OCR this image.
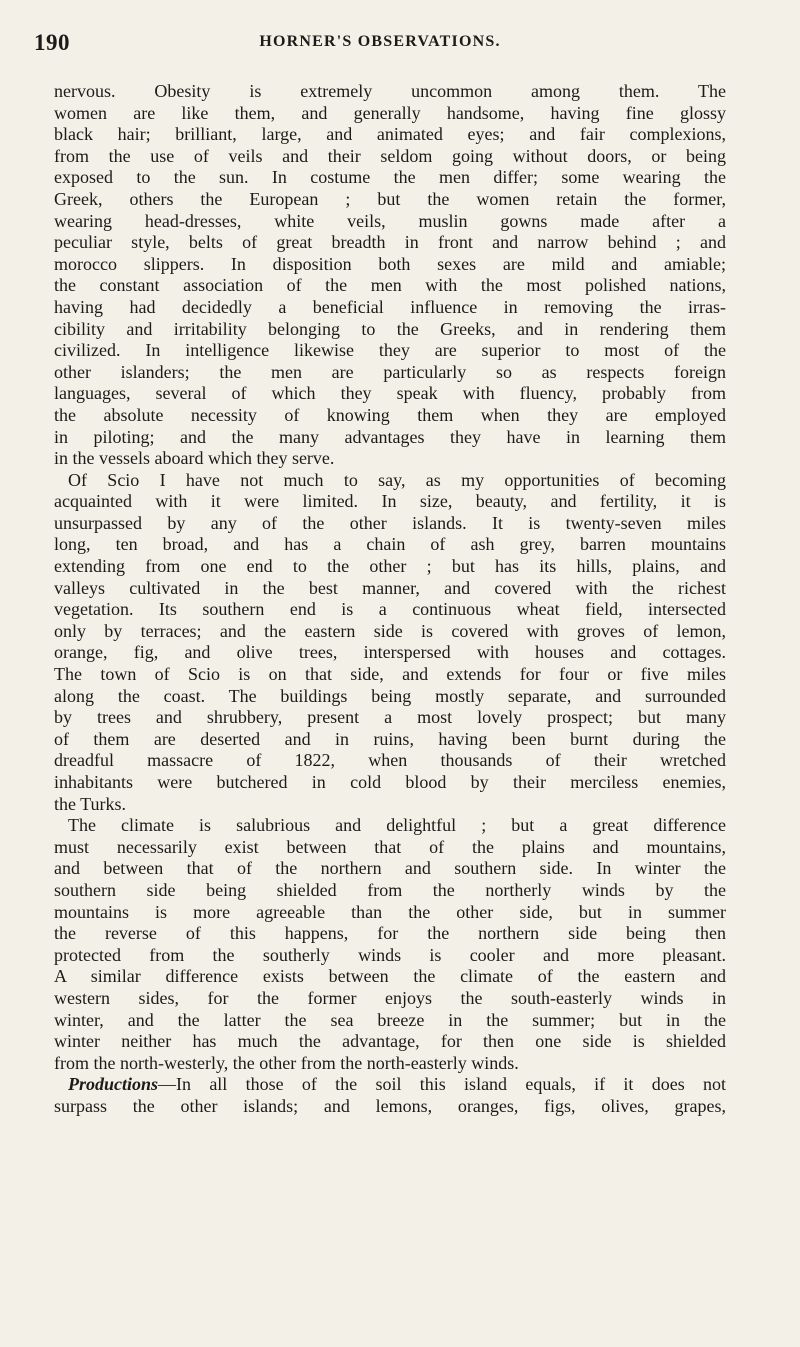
190	HORNER'S OBSERVATIONS.
nervous. Obesity is extremely uncommon among them. The
women are like them, and generally handsome, having fine glossy
black hair; brilliant, large, and animated eyes; and fair complexions,
from the use of veils and their seldom going without doors, or being
exposed to the sun. In costume the men differ; some wearing the
Greek, others the European ; but the women retain the former,
wearing head-dresses, white veils, muslin gowns made after a
peculiar style, belts of great breadth in front and narrow behind ; and
morocco slippers. In disposition both sexes are mild and amiable;
the constant association of the men with the most polished nations,
having had decidedly a beneficial influence in removing the irras-
cibility and irritability belonging to the Greeks, and in rendering them
civilized. In intelligence likewise they are superior to most of the
other islanders; the men are particularly so as respects foreign
languages, several of which they speak with fluency, probably from
the absolute necessity of knowing them when they are employed
in piloting; and the many advantages they have in learning them
in the vessels aboard which they serve.
Of Scio I have not much to say, as my opportunities of becoming
acquainted with it were limited. In size, beauty, and fertility, it is
unsurpassed by any of the other islands. It is twenty-seven miles
long, ten broad, and has a chain of ash grey, barren mountains
extending from one end to the other ; but has its hills, plains, and
valleys cultivated in the best manner, and covered with the richest
vegetation. Its southern end is a continuous wheat field, intersected
only by terraces; and the eastern side is covered with groves of lemon,
orange, fig, and olive trees, interspersed with houses and cottages.
The town of Scio is on that side, and extends for four or five miles
along the coast. The buildings being mostly separate, and surrounded
by trees and shrubbery, present a most lovely prospect; but many
of them are deserted and in ruins, having been burnt during the
dreadful massacre of 1822, when thousands of their wretched
inhabitants were butchered in cold blood by their merciless enemies,
the Turks.
The climate is salubrious and delightful ; but a great difference
must necessarily exist between that of the plains and mountains,
and between that of the northern and southern side. In winter the
southern side being shielded from the northerly winds by the
mountains is more agreeable than the other side, but in summer
the reverse of this happens, for the northern side being then
protected from the southerly winds is cooler and more pleasant.
A similar difference exists between the climate of the eastern and
western sides, for the former enjoys the south-easterly winds in
winter, and the latter the sea breeze in the summer; but in the
winter neither has much the advantage, for then one side is shielded
from the north-westerly, the other from the north-easterly winds.
Productions—In all those of the soil this island equals, if it does not
surpass the other islands; and lemons, oranges, figs, olives, grapes,
